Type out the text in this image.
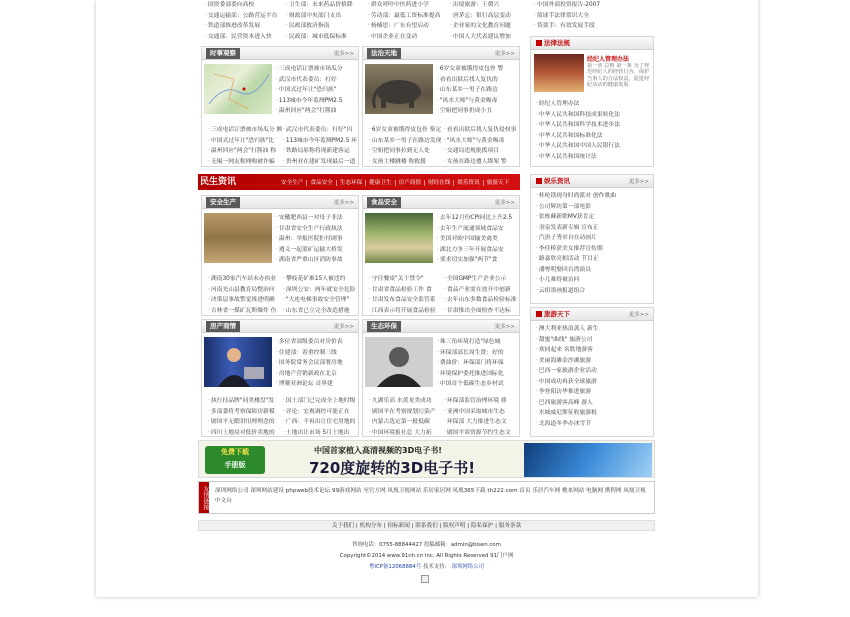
· 国资委部委向高校
· 交通运输部：公路营运平台
· 铁道部推进改革发展
· 交通部：民营资本进入快
· 卫生部：未来药品价格降
· 财政部中央部门支出
· 民政部救济指南
· 民政部：城市低保标准
· 群众呼吁中医药进小学
· 劳动部：最低工资标准提高
· 杨楠思：广东有望启动
· 中国企业正在变动
· 出境旅游：王朝兴
· 唐茅忘：银行高层变动
· 企业家的文化教育问题
· 中国人大代表建议增加
· 中国外商投资报告-2007
· 篮球手法律常识大全
· 贷款手：有效发展手段
时事观察	更多>>
· 三成电话订票被市场瓜分
· 武汉市代表委员：打好
· 中国式过年让"恐归族"
· 113城市今年监测PM2.5
· 温州回应"两会"打酱油
· 三成电话订票被市场瓜分 额 · 武汉市代表委员：打好"闪
· 中国式过年让"恐归族"比	· 113城市今年监测PM2.5 环
· 温州回应"两会"打酱油 称	· 铁路局原称将现新建客运
· 无锡一网友称网购被诈骗	· 贵州业在建矿发现最后一道
法治天地	更多>>
· 6岁女童被饿得皮包骨 警
· 看看出狱后找人复仇的
· 山东某乡一男子在路边
· "风水大师"与黄金吸毒
· 空姐把同事扔成小丑
· 6岁女童被饿得皮包骨 鉴定 · 看看出狱后找人复仇侵权事
· 山东某乡一男子在路边发现 · "风水大师"与黄金吸毒
· 空姐把同事拉到无人处	· 交通局违规批拨项目
· 女孩主楼跳楼 称救援	· 女孩在路边遭人绑架 警
法律法规
经纪人管理办法
第一章 总则 第一条 为了规范经纪人的经营行为，保护当事人的合法权益，促进经纪活动的健康发展
· 经纪人管理办法
· 中华人民共和国科技成果转化法
· 中华人民共和国科学技术进步法
· 中华人民共和国标准化法
· 中华人民共和国中国人民银行法
· 中华人民共和国统计法
民生资讯	安全生产 食品安全 生态环保 健康卫生 房产商情 财经在线 娱乐资讯 旅游天下
安全生产	更多>>
· 安徽肥西县一对母子非法
· 甘肃省安全生产行政执法
· 温州：举报医院拒付剧事
· 遵义一起蓝矿运输大桥发
· 湖南省严重山区消防事故
· 湖南30家汽车站未办执业	· 攀枝花矿难15人被违约
· 河南光山县教育局整治问	· 深圳公安：两年就安全危险
· 决策层事故警觉推进明确	· "大连电梯事故安全管理"
· 吉林省一煤矿瓦斯爆炸 伤	· 山东省已立完全改造措施
食品安全	更多>>
· 去年12月份CPI同比上升2.5
· 去年生产流通领域食品安
· 美国对欧中国输美禽类
· 湖北力争三年开展食品安
· 要求切实加强"两节"食
· 守住餐桌"关于禁令"	· 全国GMP生产企业公示
· 甘肃省食品检验工作 食	· 食品产业需在放开中创新
· 甘肃发布食品安全监管系	· 去年山东多数食品检验标准
· 江西表示将开展食品检验	· 甘肃推出全面检查不达标
房产商情	更多>>
· 多位省部级委员对房价表
· 住建部：着重控制三线
· 国务院常务会议部署房地
· 房地产营销新政在北京
· 博鳌亚洲论坛 首界建
· 执行挂品牌"同类楼盘"发	· 国土部门已完成全上地时级
· 多部委将考察保障房新模	· 评论：宏观调控可能正在
· 剧国平无暇讲用理理念的	· 广西：不再出让住宅用地的
· 四川土地局对低价卖地的	· 土地出让市场 5月土地出
生态环保	更多>>
· 珠三角环境打造"绿色城
· 环保部部长周生贤：好的
· 费油价：环保部门将环保
· 环境保护委托推进国际化
· 中国首个低碳生态乡村试
· 九湖乐高 水黄龙类成功	· 环保部监管治理环境 排
· 剧国平在考察规划污染产	· 亚洲中国采取城市生态
· 内蒙古选定第一批低碳	· 环保部 大力推进生态文
· 中国环境报社总 大力拓	· 剧国平谈资源节约生态文
娱乐资讯	更多>>
· 桂纶镁现身时尚派对 创作歌曲
· 公司辉坊第一部电影
· 张栋蘇新歌MV获肯定
· 羽泉发表新专辑 宣布正
· 汽唐子秀章自在动画片
· 李佳桥获美女推荐宣传期
· 路嘉欣亮相活动 节目正
· 潘粤明娶回台湾演员
· 小儿难得被访问
· 云组墨画报道组合
旅游天下	更多>>
· 澳大利亚热浪袭人 新生
· 甜蜜"曲线" 旅游公司
· 欢同起来 名胜地游客
· 美丽海滩金沙滩旅游
· 巴西一家旅游企业活动
· 中国成功再获全球旅游
· 李登阳访华推进旅游
· 巴西旅游客高峰 游人
· 水城威尼斯征收旅游税
· 北海道冬季办冰雪节
免费下载
手册版
中国首家植入高清视频的3D电子书!
720度旋转的3D电子书!
友情链接 深圳网络公司 深圳网站建设 phpweb技术论坛 99游戏网站 至官方网 凤凰卫视网站 乐居家居网 凤凰365下载 th222.com 首页 乐居汽车网 桃来网站 电脑网 携程网 凤凰卫视中文台
关于我们 | 机构分布 | 招标新闻 | 联系我们 | 版权声明 | 隐私保护 | 服务条款
咨询电话：0755-88844427 投稿邮箱：admin@bisen.com
Copyright©2014 www.91nh.cn Inc. All Rights Reserved 91门户网
粤ICP备12068884号 技术支持： 深圳网络公司
